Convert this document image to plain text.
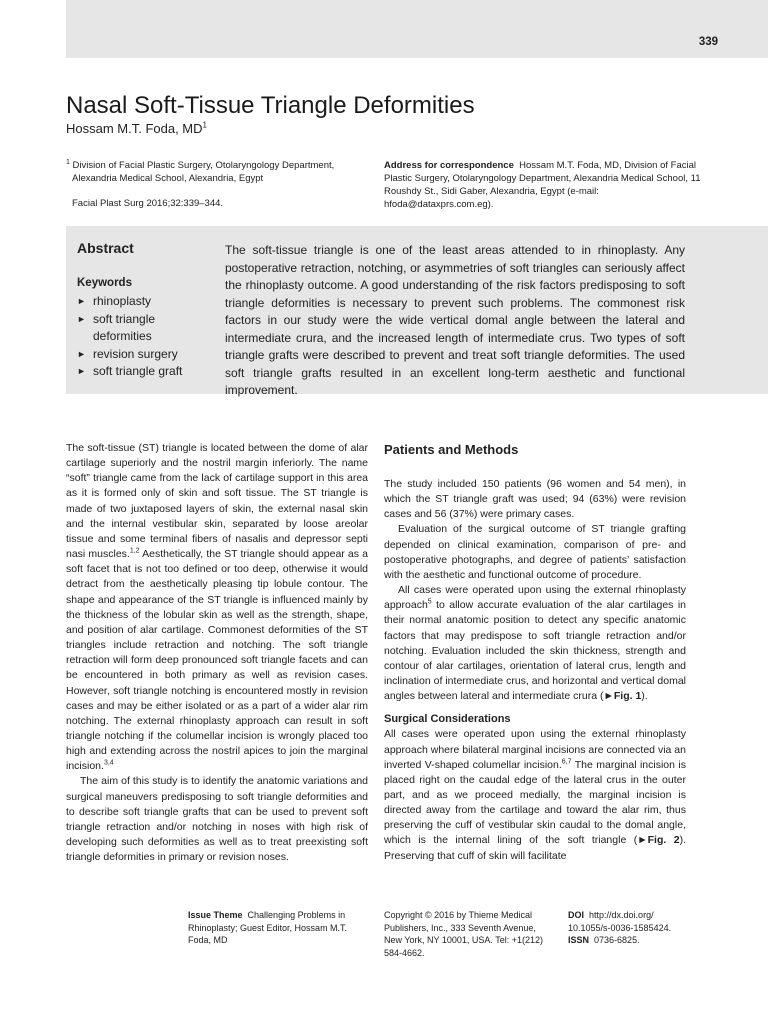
339
Nasal Soft-Tissue Triangle Deformities
Hossam M.T. Foda, $MD^1$
$^1$ Division of Facial Plastic Surgery, Otolaryngology Department,
Alexandria Medical School, Alexandria, Egypt
Facial Plast Surg 2016;32:339–344.
Address for correspondence Hossam M.T. Foda, MD, Division of Facial Plastic Surgery, Otolaryngology Department, Alexandria Medical School, 11 Roushdy St., Sidi Gaber, Alexandria, Egypt (e-mail: hfoda@dataxprs.com.eg).
Abstract
Keywords
► rhinoplasty
► soft triangle deformities
► revision surgery
► soft triangle graft
The soft-tissue triangle is one of the least areas attended to in rhinoplasty. Any postoperative retraction, notching, or asymmetries of soft triangles can seriously affect the rhinoplasty outcome. A good understanding of the risk factors predisposing to soft triangle deformities is necessary to prevent such problems. The commonest risk factors in our study were the wide vertical domal angle between the lateral and intermediate crura, and the increased length of intermediate crus. Two types of soft triangle grafts were described to prevent and treat soft triangle deformities. The used soft triangle grafts resulted in an excellent long-term aesthetic and functional improvement.

The soft-tissue (ST) triangle is located between the dome of alar cartilage superiorly and the nostril margin inferiorly. The name “soft” triangle came from the lack of cartilage support in this area as it is formed only of skin and soft tissue. The ST triangle is made of two juxtaposed layers of skin, the external nasal skin and the internal vestibular skin, separated by loose areolar tissue and some terminal fibers of nasalis and depressor septi nasi muscles.$^{1,2}$ Aesthetically, the ST triangle should appear as a soft facet that is not too defined or too deep, otherwise it would detract from the aesthetically pleasing tip lobule contour. The shape and appearance of the ST triangle is influenced mainly by the thickness of the lobular skin as well as the strength, shape, and position of alar cartilage. Commonest deformities of the ST triangles include retraction and notching. The soft triangle retraction will form deep pronounced soft triangle facets and can be encountered in both primary as well as revision cases. However, soft triangle notching is encountered mostly in revision cases and may be either isolated or as a part of a wider alar rim notching. The external rhinoplasty approach can result in soft triangle notching if the columellar incision is wrongly placed too high and extending across the nostril apices to join the marginal incision.$^{3,4}$

The aim of this study is to identify the anatomic variations and surgical maneuvers predisposing to soft triangle deformities and to describe soft triangle grafts that can be used to prevent soft triangle retraction and/or notching in noses with high risk of developing such deformities as well as to treat preexisting soft triangle deformities in primary or revision noses.

Patients and Methods

The study included 150 patients (96 women and 54 men), in which the ST triangle graft was used; 94 (63%) were revision cases and 56 (37%) were primary cases.

Evaluation of the surgical outcome of ST triangle grafting depended on clinical examination, comparison of pre- and postoperative photographs, and degree of patients’ satisfaction with the aesthetic and functional outcome of procedure.

All cases were operated upon using the external rhinoplasty approach$^5$ to allow accurate evaluation of the alar cartilages in their normal anatomic position to detect any specific anatomic factors that may predispose to soft triangle retraction and/or notching. Evaluation included the skin thickness, strength and contour of alar cartilages, orientation of lateral crus, length and inclination of intermediate crus, and horizontal and vertical domal angles between lateral and intermediate crura (►Fig. 1).

Surgical Considerations

All cases were operated upon using the external rhinoplasty approach where bilateral marginal incisions are connected via an inverted V-shaped columellar incision.$^{6,7}$ The marginal incision is placed right on the caudal edge of the lateral crus in the outer part, and as we proceed medially, the marginal incision is directed away from the cartilage and toward the alar rim, thus preserving the cuff of vestibular skin caudal to the domal angle, which is the internal lining of the soft triangle (►Fig. 2). Preserving that cuff of skin will facilitate

Issue Theme Challenging Problems in Rhinoplasty; Guest Editor, Hossam M.T. Foda, MD
Copyright © 2016 by Thieme Medical Publishers, Inc., 333 Seventh Avenue, New York, NY 10001, USA. Tel: +1(212) 584-4662.
DOI http://dx.doi.org/ 10.1055/s-0036-1585424.
ISSN 0736-6825.
